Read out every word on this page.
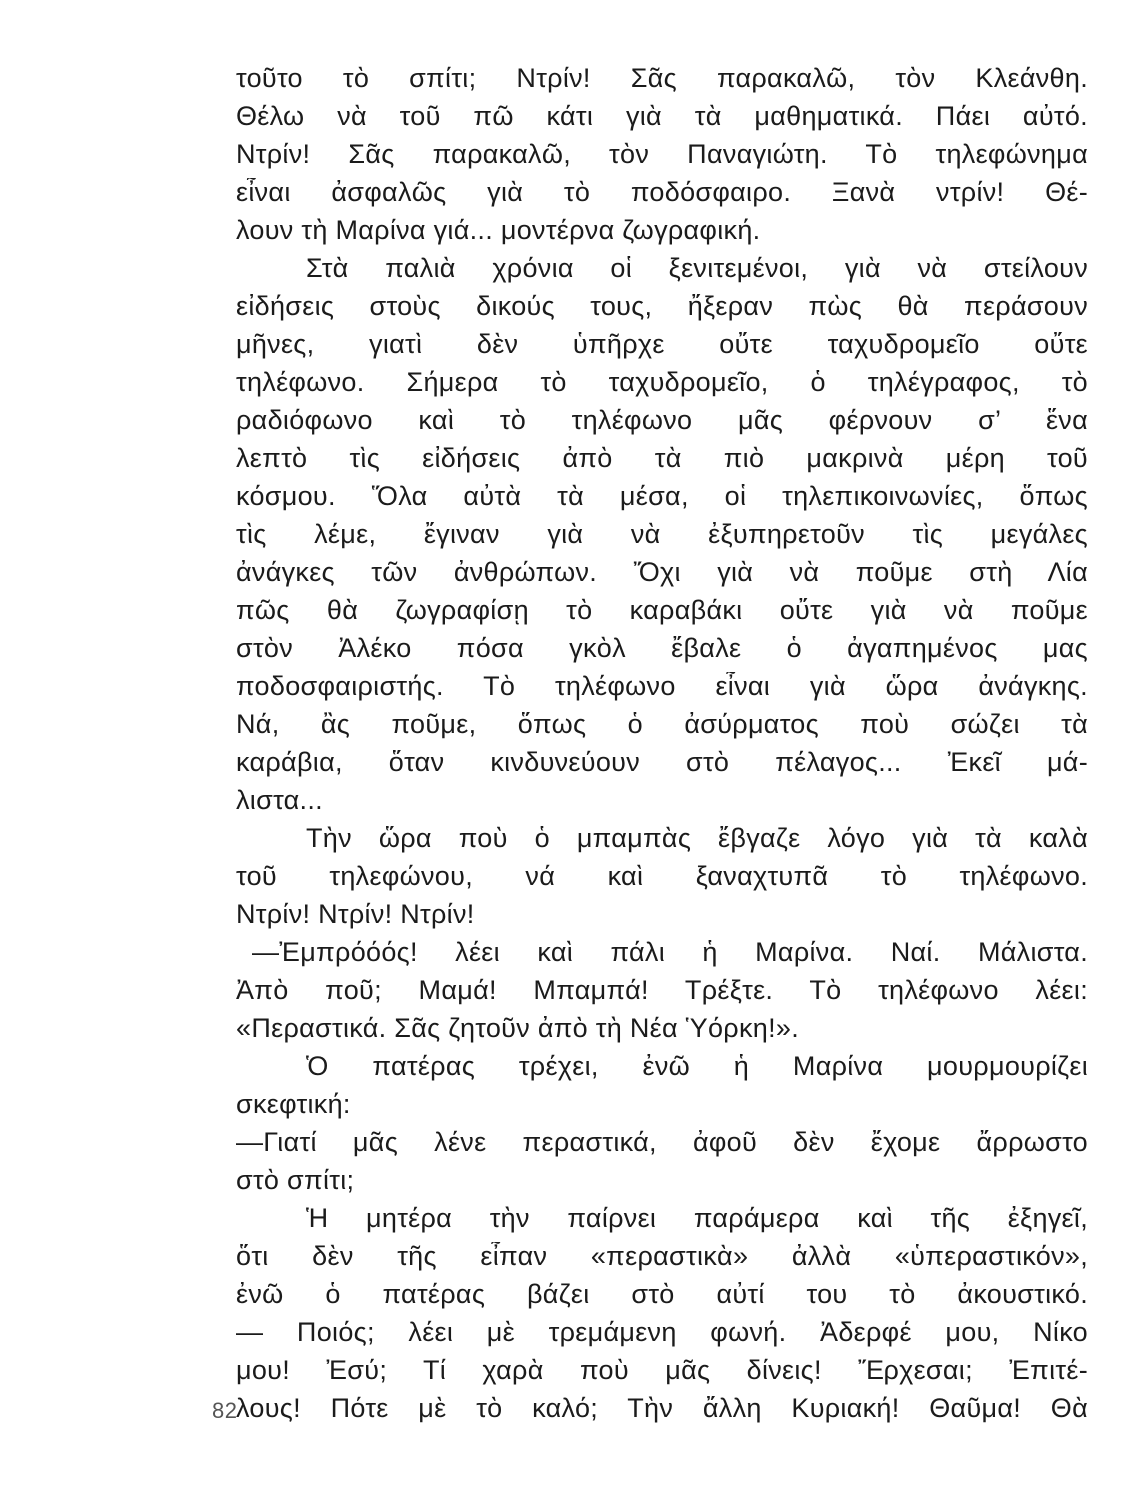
τοῦτο τὸ σπίτι; Ντρίν! Σᾶς παρακαλῶ, τὸν Κλεάνθη.
Θέλω νὰ τοῦ πῶ κάτι γιὰ τὰ μαθηματικά. Πάει αὐτό.
Ντρίν! Σᾶς παρακαλῶ, τὸν Παναγιώτη. Τὸ τηλεφώνημα
εἶναι ἀσφαλῶς γιὰ τὸ ποδόσφαιρο. Ξανὰ ντρίν! Θέ-
λουν τὴ Μαρίνα γιά... μοντέρνα ζωγραφική.
Στὰ παλιὰ χρόνια οἱ ξενιτεμένοι, γιὰ νὰ στείλουν
εἰδήσεις στοὺς δικούς τους, ἤξεραν πὼς θὰ περάσουν
μῆνες, γιατὶ δὲν ὑπῆρχε οὔτε ταχυδρομεῖο οὔτε
τηλέφωνο. Σήμερα τὸ ταχυδρομεῖο, ὁ τηλέγραφος, τὸ
ραδιόφωνο καὶ τὸ τηλέφωνο μᾶς φέρνουν σ’ ἕνα
λεπτὸ τὶς εἰδήσεις ἀπὸ τὰ πιὸ μακρινὰ μέρη τοῦ
κόσμου. Ὅλα αὐτὰ τὰ μέσα, οἱ τηλεπικοινωνίες, ὅπως
τὶς λέμε, ἔγιναν γιὰ νὰ ἐξυπηρετοῦν τὶς μεγάλες
ἀνάγκες τῶν ἀνθρώπων. Ὄχι γιὰ νὰ ποῦμε στὴ Λία
πῶς θὰ ζωγραφίσῃ τὸ καραβάκι οὔτε γιὰ νὰ ποῦμε
στὸν Ἀλέκο πόσα γκὸλ ἔβαλε ὁ ἀγαπημένος μας
ποδοσφαιριστής. Τὸ τηλέφωνο εἶναι γιὰ ὥρα ἀνάγκης.
Νά, ἂς ποῦμε, ὅπως ὁ ἀσύρματος ποὺ σώζει τὰ
καράβια, ὅταν κινδυνεύουν στὸ πέλαγος... Ἐκεῖ μά-
λιστα...
Τὴν ὥρα ποὺ ὁ μπαμπὰς ἔβγαζε λόγο γιὰ τὰ καλὰ
τοῦ τηλεφώνου, νά καὶ ξαναχτυπᾶ τὸ τηλέφωνο.
Ντρίν! Ντρίν! Ντρίν!
—Ἐμπρόόός! λέει καὶ πάλι ἡ Μαρίνα. Ναί. Μάλιστα.
Ἀπὸ ποῦ; Μαμά! Μπαμπά! Τρέξτε. Τὸ τηλέφωνο λέει:
«Περαστικά. Σᾶς ζητοῦν ἀπὸ τὴ Νέα Ὑόρκη!».
Ὁ πατέρας τρέχει, ἐνῶ ἡ Μαρίνα μουρμουρίζει
σκεφτική:
—Γιατί μᾶς λένε περαστικά, ἀφοῦ δὲν ἔχομε ἄρρωστο
στὸ σπίτι;
Ἡ μητέρα τὴν παίρνει παράμερα καὶ τῆς ἐξηγεῖ,
ὅτι δὲν τῆς εἶπαν «περαστικὰ» ἀλλὰ «ὑπεραστικόν»,
ἐνῶ ὁ πατέρας βάζει στὸ αὐτί του τὸ ἀκουστικό.
— Ποιός; λέει μὲ τρεμάμενη φωνή. Ἀδερφέ μου, Νίκο
μου! Ἐσύ; Τί χαρὰ ποὺ μᾶς δίνεις! Ἔρχεσαι; Ἐπιτέ-
λους! Πότε μὲ τὸ καλό; Τὴν ἄλλη Κυριακή! Θαῦμα! Θὰ
82
